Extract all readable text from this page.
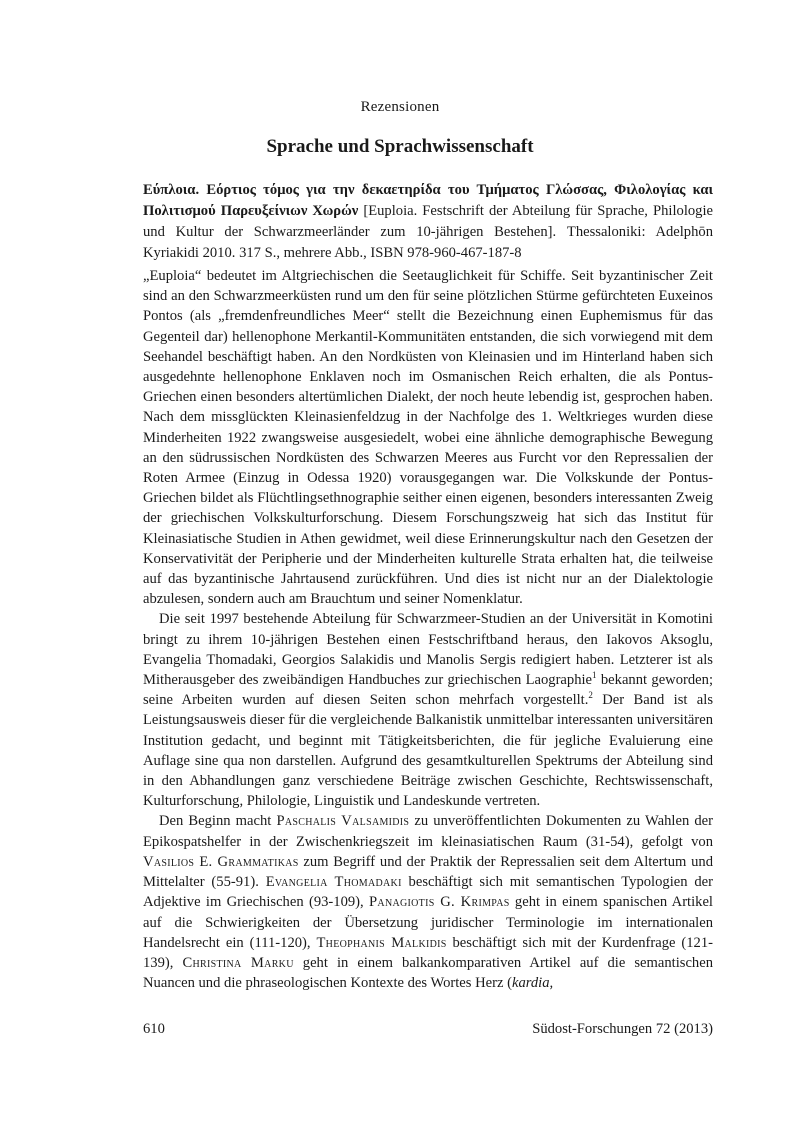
Rezensionen
Sprache und Sprachwissenschaft
Εύπλοια. Εόρτιος τόμος για την δεκαετηρίδα του Τμήματος Γλώσσας, Φιλολογίας και Πολιτισμού Παρευξείνιων Χωρών [Euploia. Festschrift der Abteilung für Sprache, Philologie und Kultur der Schwarzmeerländer zum 10-jährigen Bestehen]. Thessaloniki: Adelphōn Kyriakidi 2010. 317 S., mehrere Abb., ISBN 978-960-467-187-8

„Euploia“ bedeutet im Altgriechischen die Seetauglichkeit für Schiffe. Seit byzantinischer Zeit sind an den Schwarzmeerküsten rund um den für seine plötzlichen Stürme gefürchteten Euxeinos Pontos (als „fremdenfreundliches Meer“ stellt die Bezeichnung einen Euphemismus für das Gegenteil dar) hellenophone Merkantil-Kommunitäten entstanden, die sich vorwiegend mit dem Seehandel beschäftigt haben. An den Nordküsten von Kleinasien und im Hinterland haben sich ausgedehnte hellenophone Enklaven noch im Osmanischen Reich erhalten, die als Pontus-Griechen einen besonders altertümlichen Dialekt, der noch heute lebendig ist, gesprochen haben. Nach dem missglückten Kleinasienfeldzug in der Nachfolge des 1. Weltkrieges wurden diese Minderheiten 1922 zwangsweise ausgesiedelt, wobei eine ähnliche demographische Bewegung an den südrussischen Nordküsten des Schwarzen Meeres aus Furcht vor den Repressalien der Roten Armee (Einzug in Odessa 1920) vorausgegangen war. Die Volkskunde der Pontus-Griechen bildet als Flüchtlingsethnographie seither einen eigenen, besonders interessanten Zweig der griechischen Volkskulturforschung. Diesem Forschungszweig hat sich das Institut für Kleinasiatische Studien in Athen gewidmet, weil diese Erinnerungskultur nach den Gesetzen der Konservativität der Peripherie und der Minderheiten kulturelle Strata erhalten hat, die teilweise auf das byzantinische Jahrtausend zurückführen. Und dies ist nicht nur an der Dialektologie abzulesen, sondern auch am Brauchtum und seiner Nomenklatur.

Die seit 1997 bestehende Abteilung für Schwarzmeer-Studien an der Universität in Komotini bringt zu ihrem 10-jährigen Bestehen einen Festschriftband heraus, den Iakovos Aksoglu, Evangelia Thomadaki, Georgios Salakidis und Manolis Sergis redigiert haben. Letzterer ist als Mitherausgeber des zweibändigen Handbuches zur griechischen Laographie$^1$ bekannt geworden; seine Arbeiten wurden auf diesen Seiten schon mehrfach vorgestellt.$^2$ Der Band ist als Leistungsausweis dieser für die vergleichende Balkanistik unmittelbar interessanten universitären Institution gedacht, und beginnt mit Tätigkeitsberichten, die für jegliche Evaluierung eine Auflage sine qua non darstellen. Aufgrund des gesamtkulturellen Spektrums der Abteilung sind in den Abhandlungen ganz verschiedene Beiträge zwischen Geschichte, Rechtswissenschaft, Kulturforschung, Philologie, Linguistik und Landeskunde vertreten.

Den Beginn macht Paschalis Valsamidis zu unveröffentlichten Dokumenten zu Wahlen der Epikospatshelfer in der Zwischenkriegszeit im kleinasiatischen Raum (31-54), gefolgt von Vasilios E. Grammatikas zum Begriff und der Praktik der Repressalien seit dem Altertum und Mittelalter (55-91). Evangelia Thomadaki beschäftigt sich mit semantischen Typologien der Adjektive im Griechischen (93-109), Panagiotis G. Krimpas geht in einem spanischen Artikel auf die Schwierigkeiten der Übersetzung juridischer Terminologie im internationalen Handelsrecht ein (111-120), Theophanis Malkidis beschäftigt sich mit der Kurdenfrage (121-139), Christina Marku geht in einem balkankomparativen Artikel auf die semantischen Nuancen und die phraseologischen Kontexte des Wortes Herz (kardia,

610	Südost-Forschungen 72 (2013)
